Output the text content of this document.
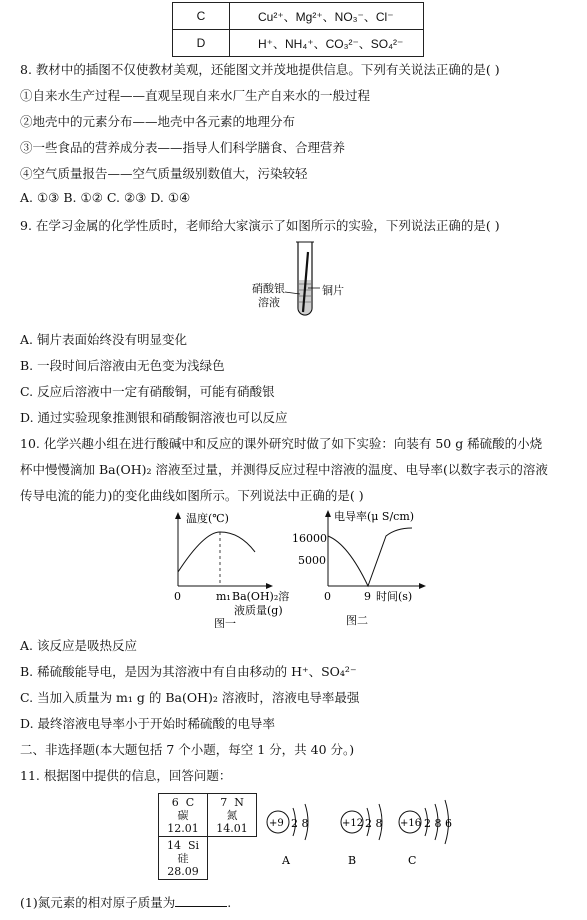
C	Cu²⁺、Mg²⁺、NO₃⁻、Cl⁻
D	H⁺、NH₄⁺、CO₃²⁻、SO₄²⁻
8. 教材中的插图不仅使教材美观，还能图文并茂地提供信息。下列有关说法正确的是( )
①自来水生产过程——直观呈现自来水厂生产自来水的一般过程
②地壳中的元素分布——地壳中各元素的地理分布
③一些食品的营养成分表——指导人们科学膳食、合理营养
④空气质量报告——空气质量级别数值大，污染较轻
A. ①③ B. ①② C. ②③ D. ①④
9. 在学习金属的化学性质时，老师给大家演示了如图所示的实验，下列说法正确的是( )
硝酸银
溶液
铜片
A. 铜片表面始终没有明显变化
B. 一段时间后溶液由无色变为浅绿色
C. 反应后溶液中一定有硝酸铜，可能有硝酸银
D. 通过实验现象推测银和硝酸铜溶液也可以反应
10. 化学兴趣小组在进行酸碱中和反应的课外研究时做了如下实验：向装有 50 g 稀硫酸的小烧
杯中慢慢滴加 Ba(OH)₂ 溶液至过量，并测得反应过程中溶液的温度、电导率(以数字表示的溶液
传导电流的能力)的变化曲线如图所示。下列说法中正确的是( )
温度(℃)
0	m₁ Ba(OH)₂溶
液质量(g)
图一
电导率(μ S/cm)
16000
5000
0	9 时间(s)
图二
A. 该反应是吸热反应
B. 稀硫酸能导电，是因为其溶液中有自由移动的 H⁺、SO₄²⁻
C. 当加入质量为 m₁ g 的 Ba(OH)₂ 溶液时，溶液电导率最强
D. 最终溶液电导率小于开始时稀硫酸的电导率
二、非选择题(本大题包括 7 个小题，每空 1 分，共 40 分。)
11. 根据图中提供的信息，回答问题：
6 C
碳
12.01	7 N
氮
14.01
14 Si
硅
28.09	
+9 2 8
A
+12 2 8
B
+16 2 8 6
C
(1)氮元素的相对原子质量为	.
